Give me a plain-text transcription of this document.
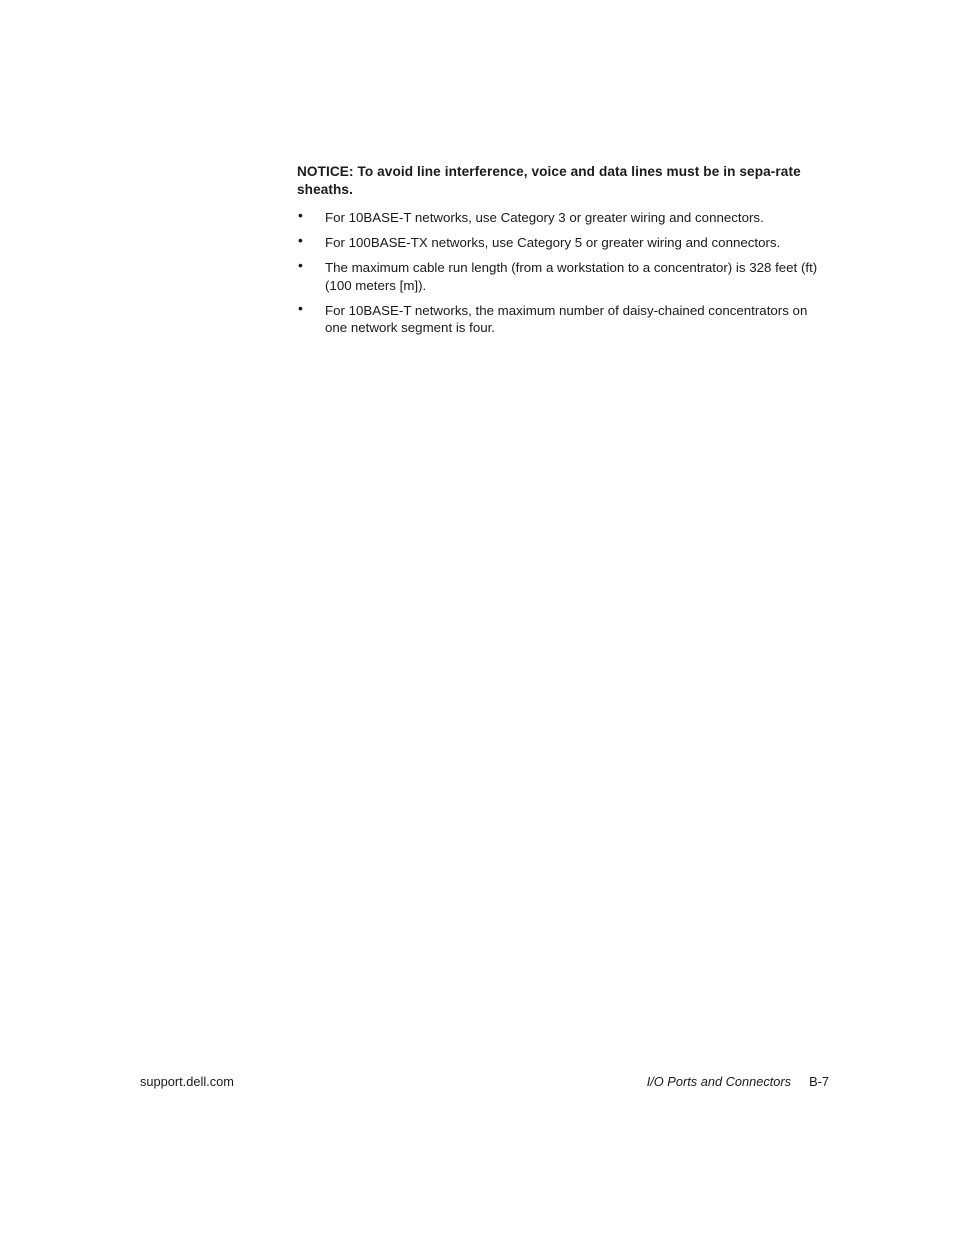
NOTICE: To avoid line interference, voice and data lines must be in sepa-rate sheaths.

• For 10BASE-T networks, use Category 3 or greater wiring and connectors.
• For 100BASE-TX networks, use Category 5 or greater wiring and connectors.
• The maximum cable run length (from a workstation to a concentrator) is 328 feet (ft) (100 meters [m]).
• For 10BASE-T networks, the maximum number of daisy-chained concentrators on one network segment is four.
support.dell.com	I/O Ports and Connectors B-7
